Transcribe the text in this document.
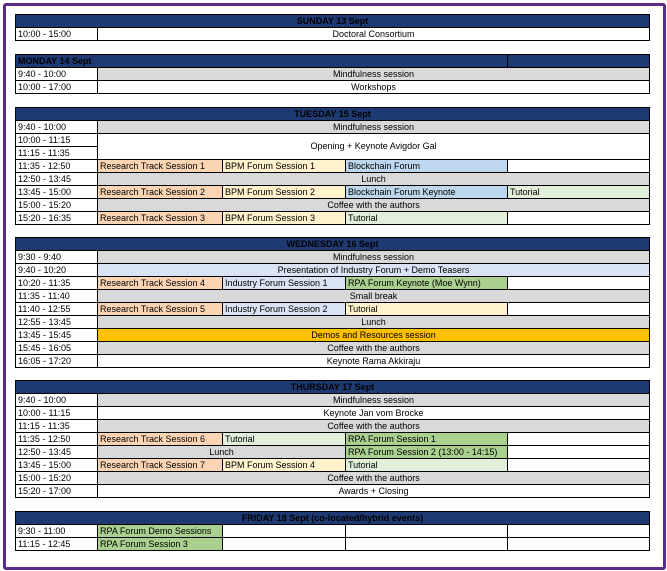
SUNDAY 13 Sept
10:00 - 15:00	Doctoral Consortium
MONDAY 14 Sept		
9:40 - 10:00	Mindfulness session	
10:00 - 17:00	Workshops	
TUESDAY 15 Sept				
9:40 - 10:00	Mindfulness session			
10:00 - 11:15	Opening + Keynote Avigdor Gal			
11:15 - 11:35				
11:35 - 12:50	Research Track Session 1	BPM Forum Session 1	Blockchain Forum	
12:50 - 13:45	Lunch			
13:45 - 15:00	Research Track Session 2	BPM Forum Session 2	Blockchain Forum Keynote	Tutorial
15:00 - 15:20	Coffee with the authors			
15:20 - 16:35	Research Track Session 3	BPM Forum Session 3	Tutorial	
WEDNESDAY 16 Sept				
9:30 - 9:40	Mindfulness session			
9:40 - 10:20	Presentation of Industry Forum + Demo Teasers			
10:20 - 11:35	Research Track Session 4	Industry Forum Session 1	RPA Forum Keynote (Moe Wynn)	
11:35 - 11:40	Small break			
11:40 - 12:55	Research Track Session 5	Industry Forum Session 2	Tutorial	
12:55 - 13:45	Lunch			
13:45 - 15:45	Demos and Resources session			
15:45 - 16:05	Coffee with the authors			
16:05 - 17:20	Keynote Rama Akkiraju			
THURSDAY 17 Sept				
9:40 - 10:00	Mindfulness session			
10:00 - 11:15	Keynote Jan vom Brocke			
11:15 - 11:35	Coffee with the authors			
11:35 - 12:50	Research Track Session 6	Tutorial	RPA Forum Session 1	
12:50 - 13:45	Lunch		RPA Forum Session 2 (13:00 - 14:15)	
13:45 - 15:00	Research Track Session 7	BPM Forum Session 4	Tutorial	
15:00 - 15:20	Coffee with the authors			
15:20 - 17:00	Awards + Closing			
FRIDAY 18 Sept (co-located/hybrid events)				
9:30 - 11:00	RPA Forum Demo Sessions			
11:15 - 12:45	RPA Forum Session 3			
